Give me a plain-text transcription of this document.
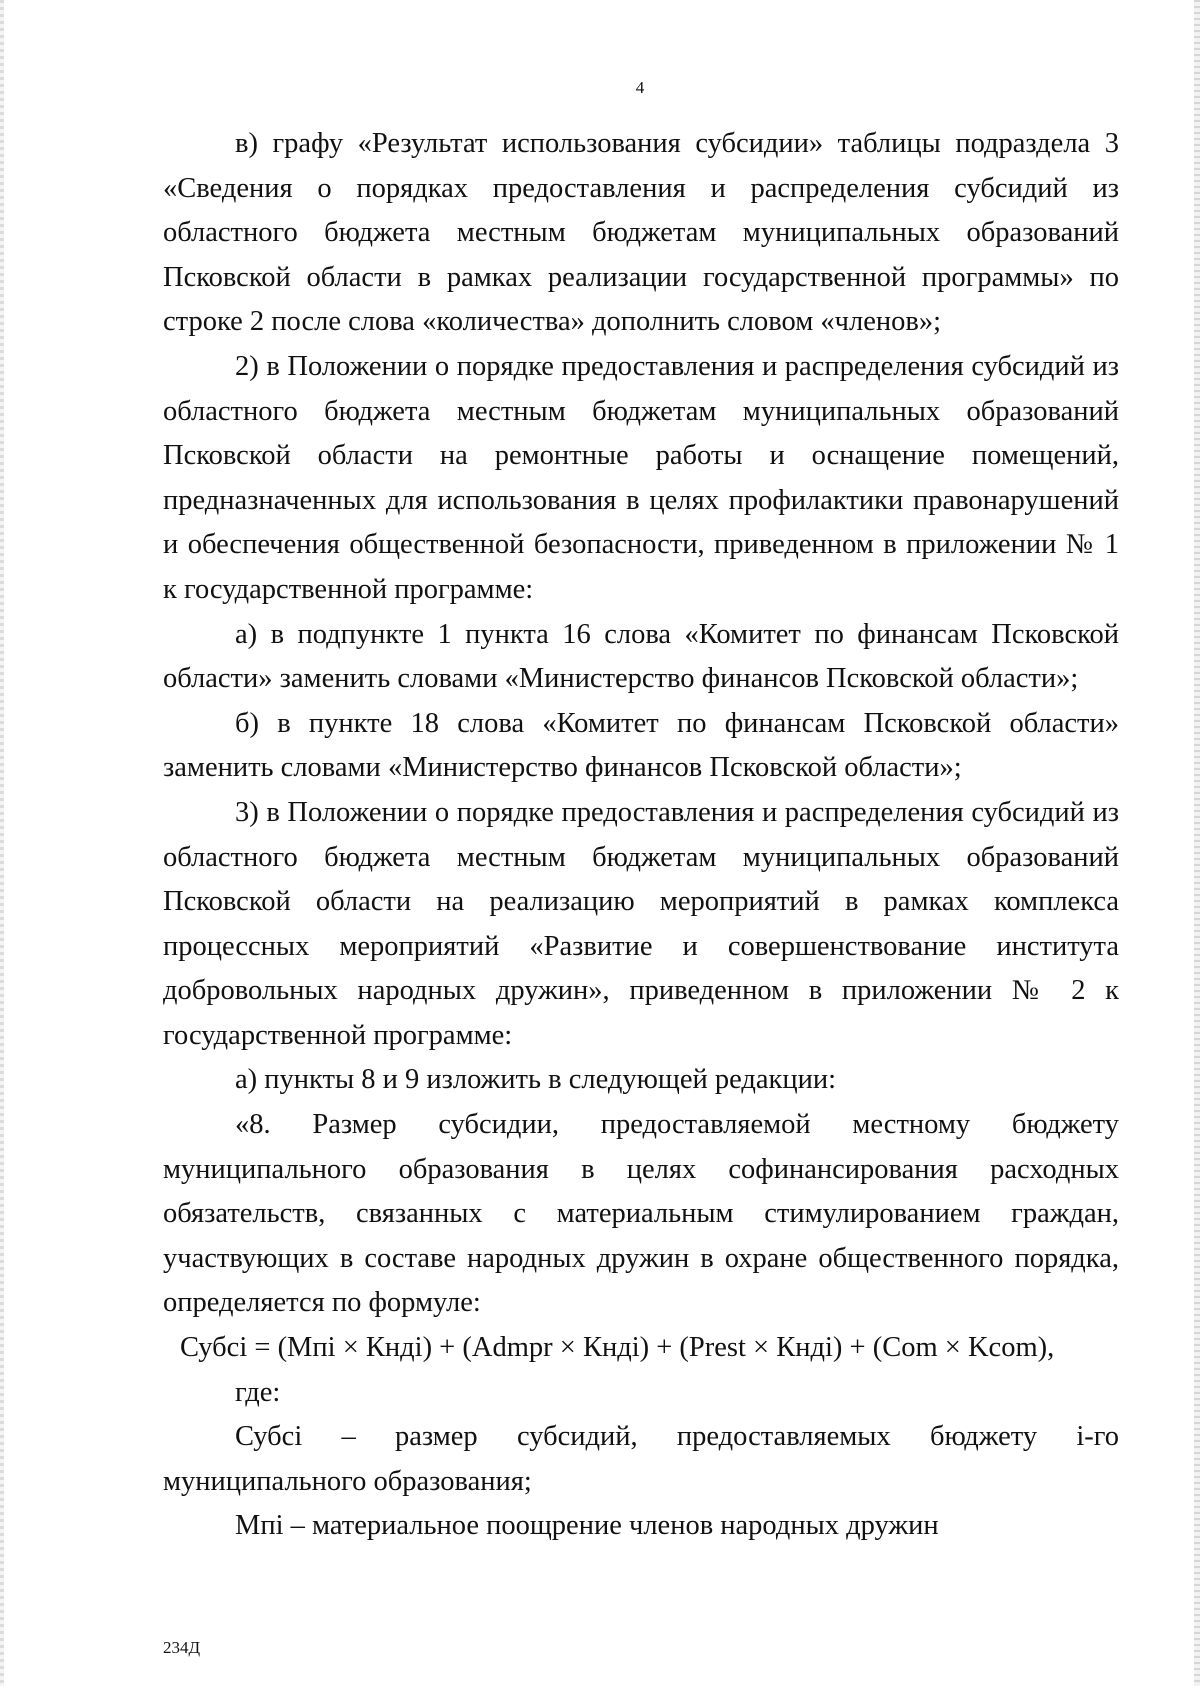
4

в) графу «Результат использования субсидии» таблицы подраздела 3 «Сведения о порядках предоставления и распределения субсидий из областного бюджета местным бюджетам муниципальных образований Псковской области в рамках реализации государственной программы» по строке 2 после слова «количества» дополнить словом «членов»;

2) в Положении о порядке предоставления и распределения субсидий из областного бюджета местным бюджетам муниципальных образований Псковской области на ремонтные работы и оснащение помещений, предназначенных для использования в целях профилактики правонарушений и обеспечения общественной безопасности, приведенном в приложении № 1 к государственной программе:

а) в подпункте 1 пункта 16 слова «Комитет по финансам Псковской области» заменить словами «Министерство финансов Псковской области»;

б) в пункте 18 слова «Комитет по финансам Псковской области» заменить словами «Министерство финансов Псковской области»;

3) в Положении о порядке предоставления и распределения субсидий из областного бюджета местным бюджетам муниципальных образований Псковской области на реализацию мероприятий в рамках комплекса процессных мероприятий «Развитие и совершенствование института добровольных народных дружин», приведенном в приложении № 2 к государственной программе:

а) пункты 8 и 9 изложить в следующей редакции:

«8. Размер субсидии, предоставляемой местному бюджету муниципального образования в целях софинансирования расходных обязательств, связанных с материальным стимулированием граждан, участвующих в составе народных дружин в охране общественного порядка, определяется по формуле:

Субсі = (Мпі × Кнді) + (Admpr × Кнді) + (Prest × Кнді) + (Com × Kcom),

где:

Субсі – размер субсидий, предоставляемых бюджету і-го муниципального образования;

Мпі – материальное поощрение членов народных дружин

234Д
